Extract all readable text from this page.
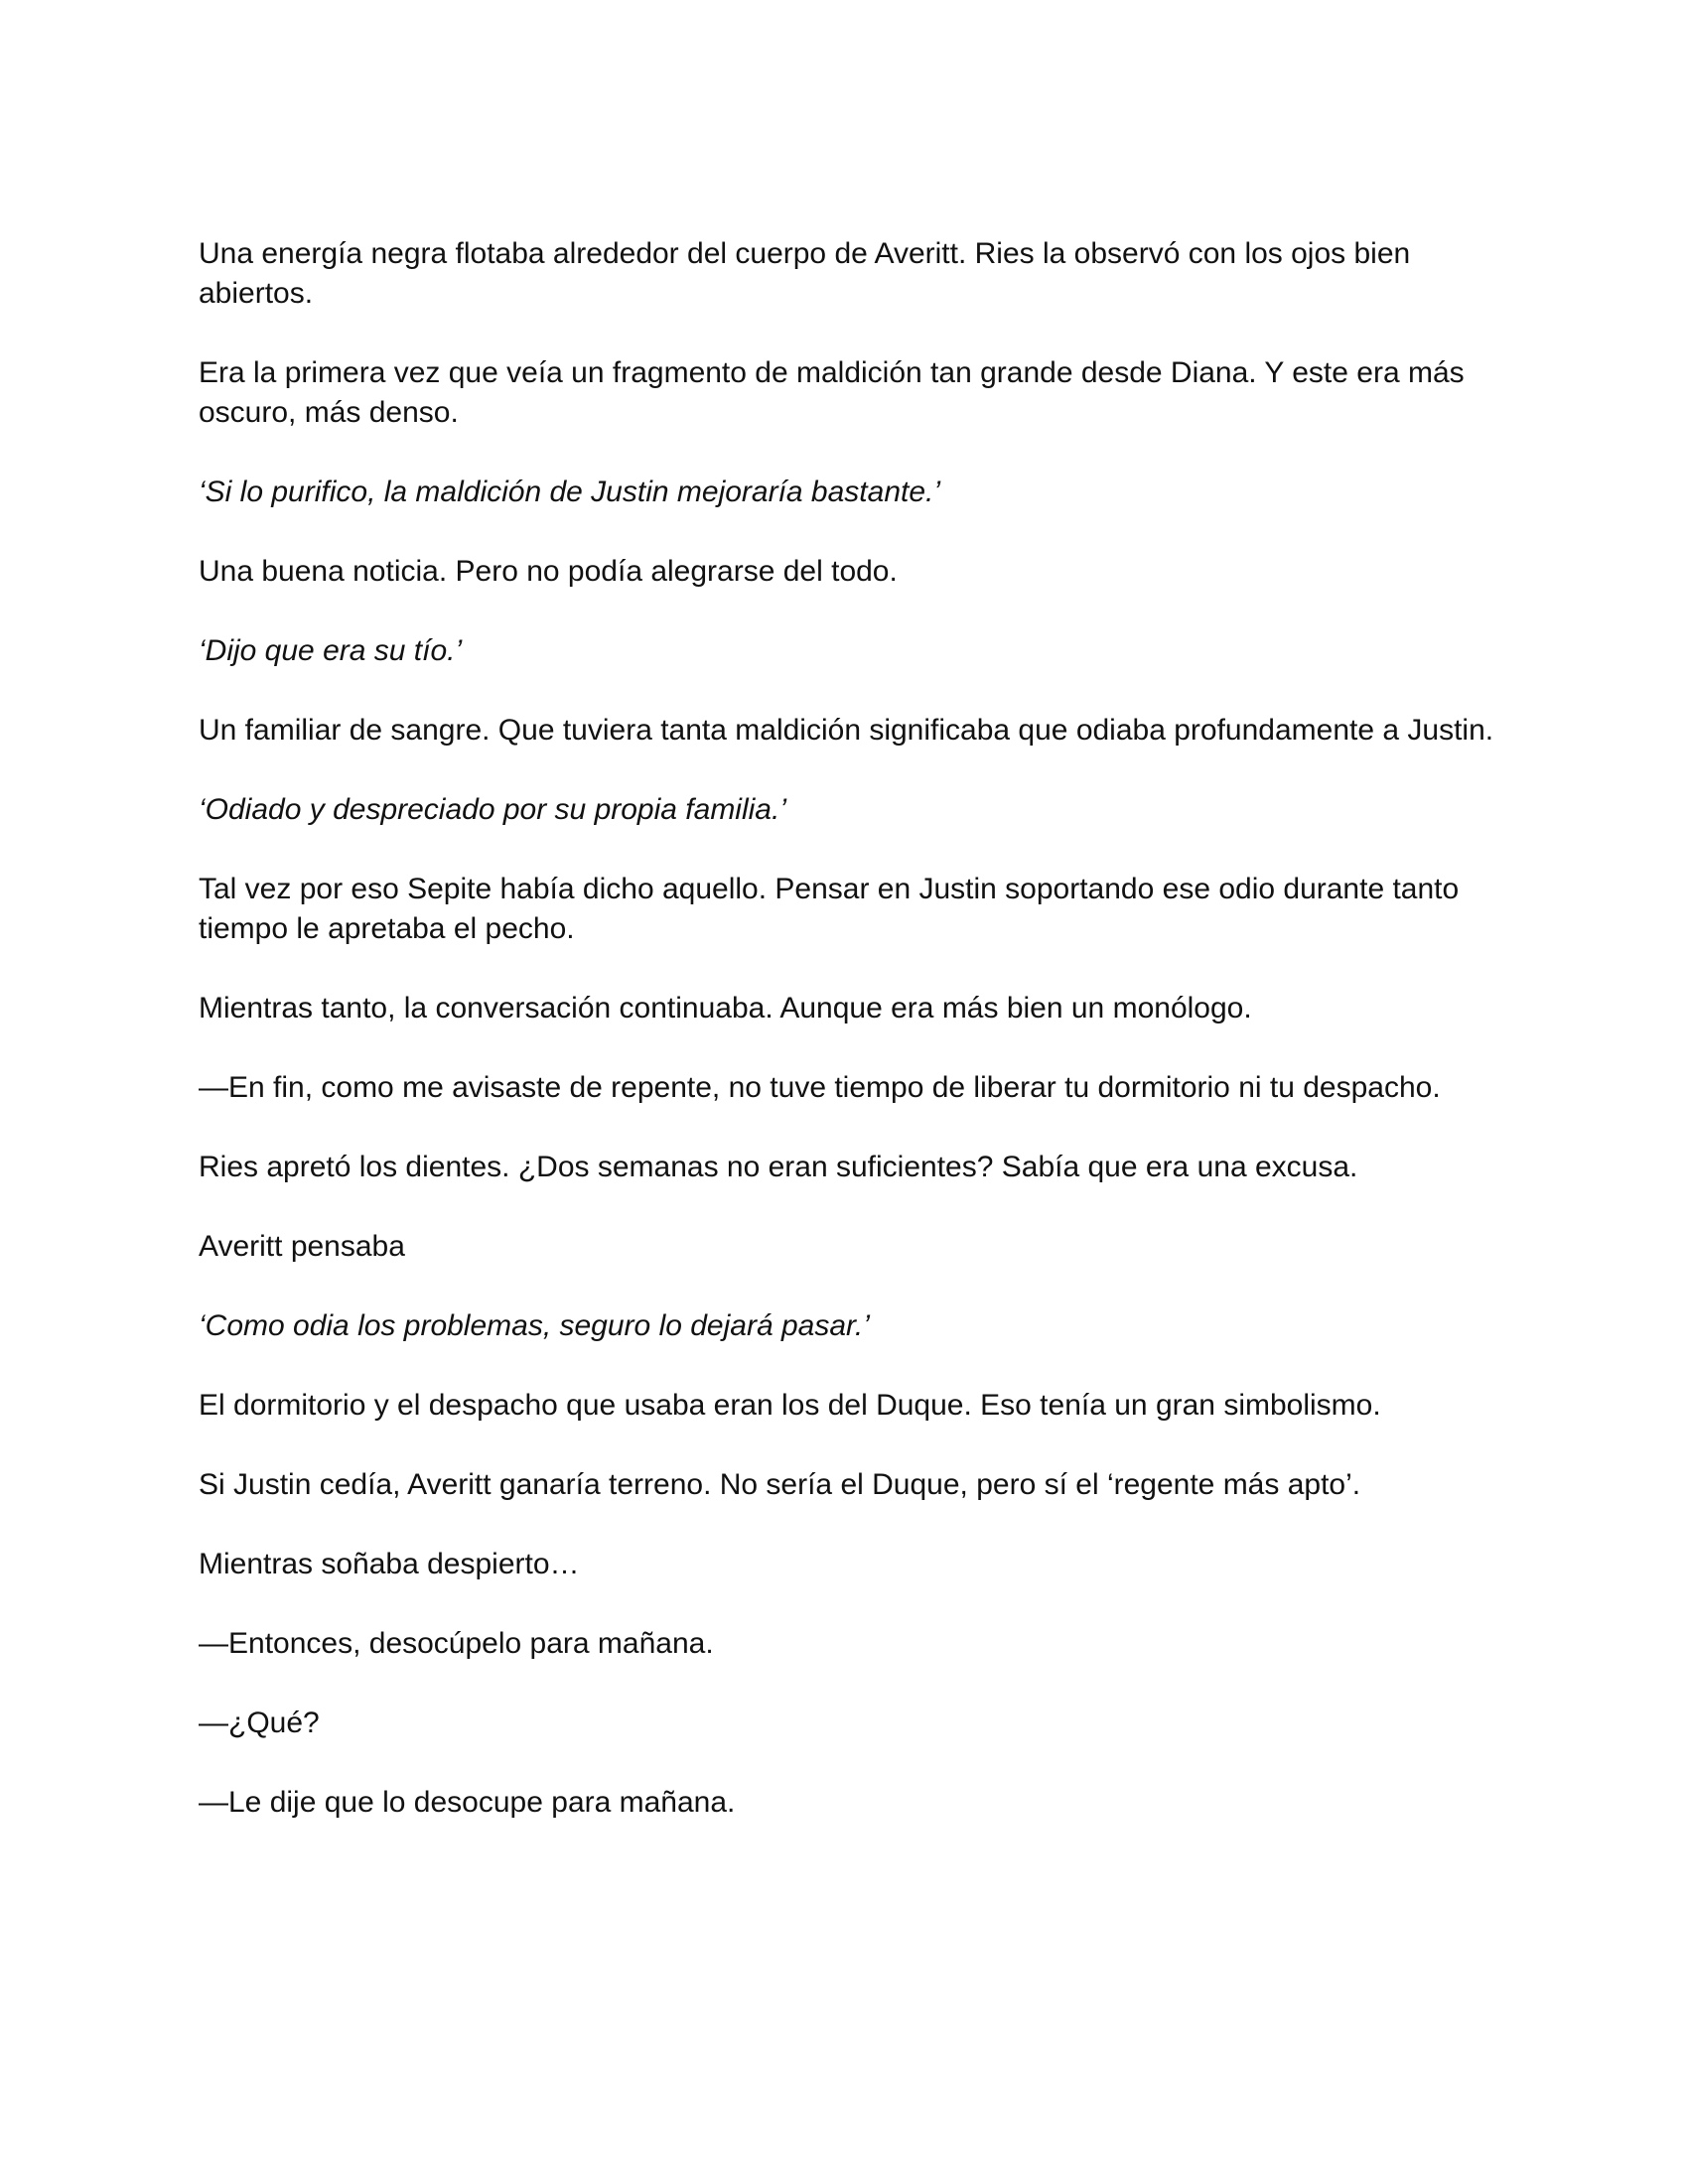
Una energía negra flotaba alrededor del cuerpo de Averitt. Ries la observó con los ojos bien abiertos.

Era la primera vez que veía un fragmento de maldición tan grande desde Diana. Y este era más oscuro, más denso.

‘Si lo purifico, la maldición de Justin mejoraría bastante.’

Una buena noticia. Pero no podía alegrarse del todo.

‘Dijo que era su tío.’

Un familiar de sangre. Que tuviera tanta maldición significaba que odiaba profundamente a Justin.

‘Odiado y despreciado por su propia familia.’

Tal vez por eso Sepite había dicho aquello. Pensar en Justin soportando ese odio durante tanto tiempo le apretaba el pecho.

Mientras tanto, la conversación continuaba. Aunque era más bien un monólogo.

—En fin, como me avisaste de repente, no tuve tiempo de liberar tu dormitorio ni tu despacho.

Ries apretó los dientes. ¿Dos semanas no eran suficientes? Sabía que era una excusa.

Averitt pensaba

‘Como odia los problemas, seguro lo dejará pasar.’

El dormitorio y el despacho que usaba eran los del Duque. Eso tenía un gran simbolismo.

Si Justin cedía, Averitt ganaría terreno. No sería el Duque, pero sí el ‘regente más apto’.

Mientras soñaba despierto…

—Entonces, desocúpelo para mañana.

—¿Qué?

—Le dije que lo desocupe para mañana.
